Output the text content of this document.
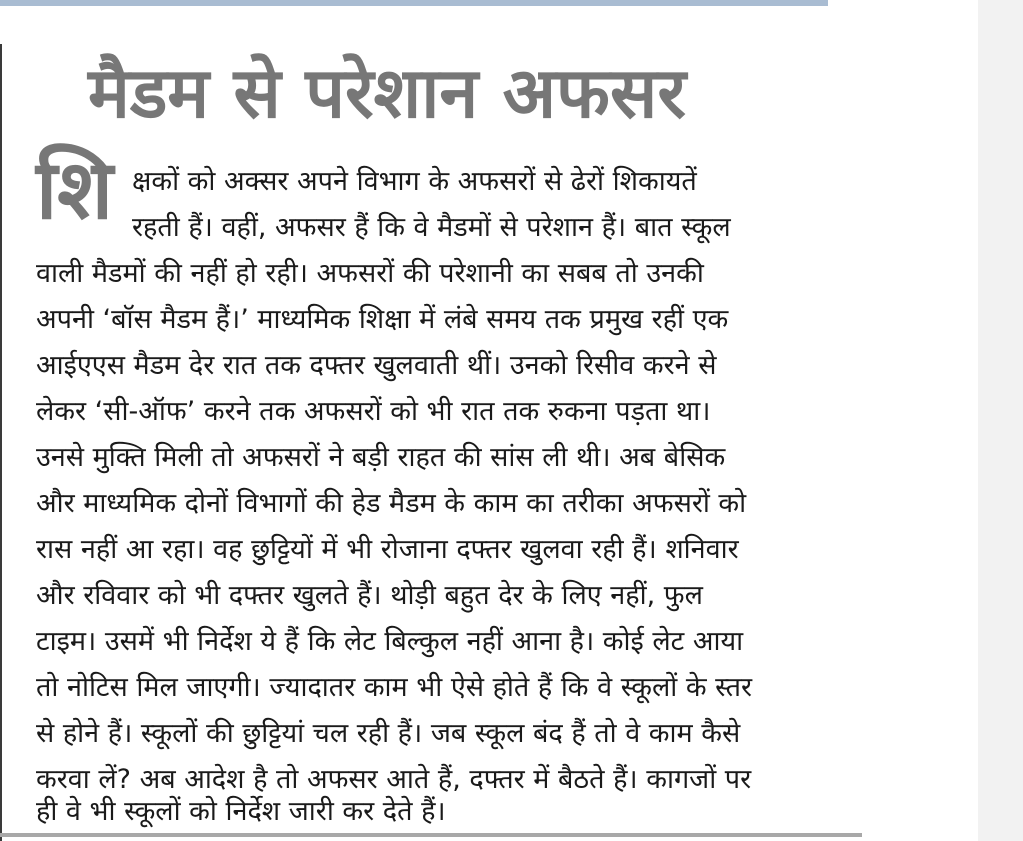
मैडम से परेशान अफसर
शि क्षकों को अक्सर अपने विभाग के अफसरों से ढेरों शिकायतें
रहती हैं। वहीं, अफसर हैं कि वे मैडमों से परेशान हैं। बात स्कूल
वाली मैडमों की नहीं हो रही। अफसरों की परेशानी का सबब तो उनकी
अपनी ‘बॉस मैडम हैं।’ माध्यमिक शिक्षा में लंबे समय तक प्रमुख रहीं एक
आईएएस मैडम देर रात तक दफ्तर खुलवाती थीं। उनको रिसीव करने से
लेकर ‘सी-ऑफ’ करने तक अफसरों को भी रात तक रुकना पड़ता था।
उनसे मुक्ति मिली तो अफसरों ने बड़ी राहत की सांस ली थी। अब बेसिक
और माध्यमिक दोनों विभागों की हेड मैडम के काम का तरीका अफसरों को
रास नहीं आ रहा। वह छुट्टियों में भी रोजाना दफ्तर खुलवा रही हैं। शनिवार
और रविवार को भी दफ्तर खुलते हैं। थोड़ी बहुत देर के लिए नहीं, फुल
टाइम। उसमें भी निर्देश ये हैं कि लेट बिल्कुल नहीं आना है। कोई लेट आया
तो नोटिस मिल जाएगी। ज्यादातर काम भी ऐसे होते हैं कि वे स्कूलों के स्तर
से होने हैं। स्कूलों की छुट्टियां चल रही हैं। जब स्कूल बंद हैं तो वे काम कैसे
करवा लें? अब आदेश है तो अफसर आते हैं, दफ्तर में बैठते हैं। कागजों पर
ही वे भी स्कूलों को निर्देश जारी कर देते हैं।
